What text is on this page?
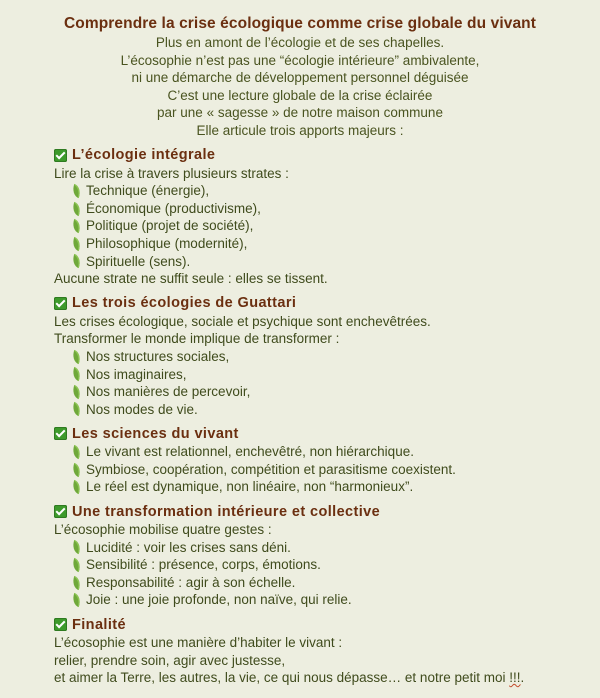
Comprendre la crise écologique comme crise globale du vivant
Plus en amont de l’écologie et de ses chapelles.
L’écosophie n’est pas une “écologie intérieure” ambivalente,
ni une démarche de développement personnel déguisée
C’est une lecture globale de la crise éclairée
par une « sagesse » de notre maison commune
Elle articule trois apports majeurs :
L’écologie intégrale
Lire la crise à travers plusieurs strates :
Technique (énergie),
Économique (productivisme),
Politique (projet de société),
Philosophique (modernité),
Spirituelle (sens).
Aucune strate ne suffit seule : elles se tissent.
Les trois écologies de Guattari
Les crises écologique, sociale et psychique sont enchevêtrées.
Transformer le monde implique de transformer :
Nos structures sociales,
Nos imaginaires,
Nos manières de percevoir,
Nos modes de vie.
Les sciences du vivant
Le vivant est relationnel, enchevêtré, non hiérarchique.
Symbiose, coopération, compétition et parasitisme coexistent.
Le réel est dynamique, non linéaire, non “harmonieux”.
Une transformation intérieure et collective
L’écosophie mobilise quatre gestes :
Lucidité : voir les crises sans déni.
Sensibilité : présence, corps, émotions.
Responsabilité : agir à son échelle.
Joie : une joie profonde, non naïve, qui relie.
Finalité
L’écosophie est une manière d’habiter le vivant :
relier, prendre soin, agir avec justesse,
et aimer la Terre, les autres, la vie, ce qui nous dépasse… et notre petit moi !!!.
